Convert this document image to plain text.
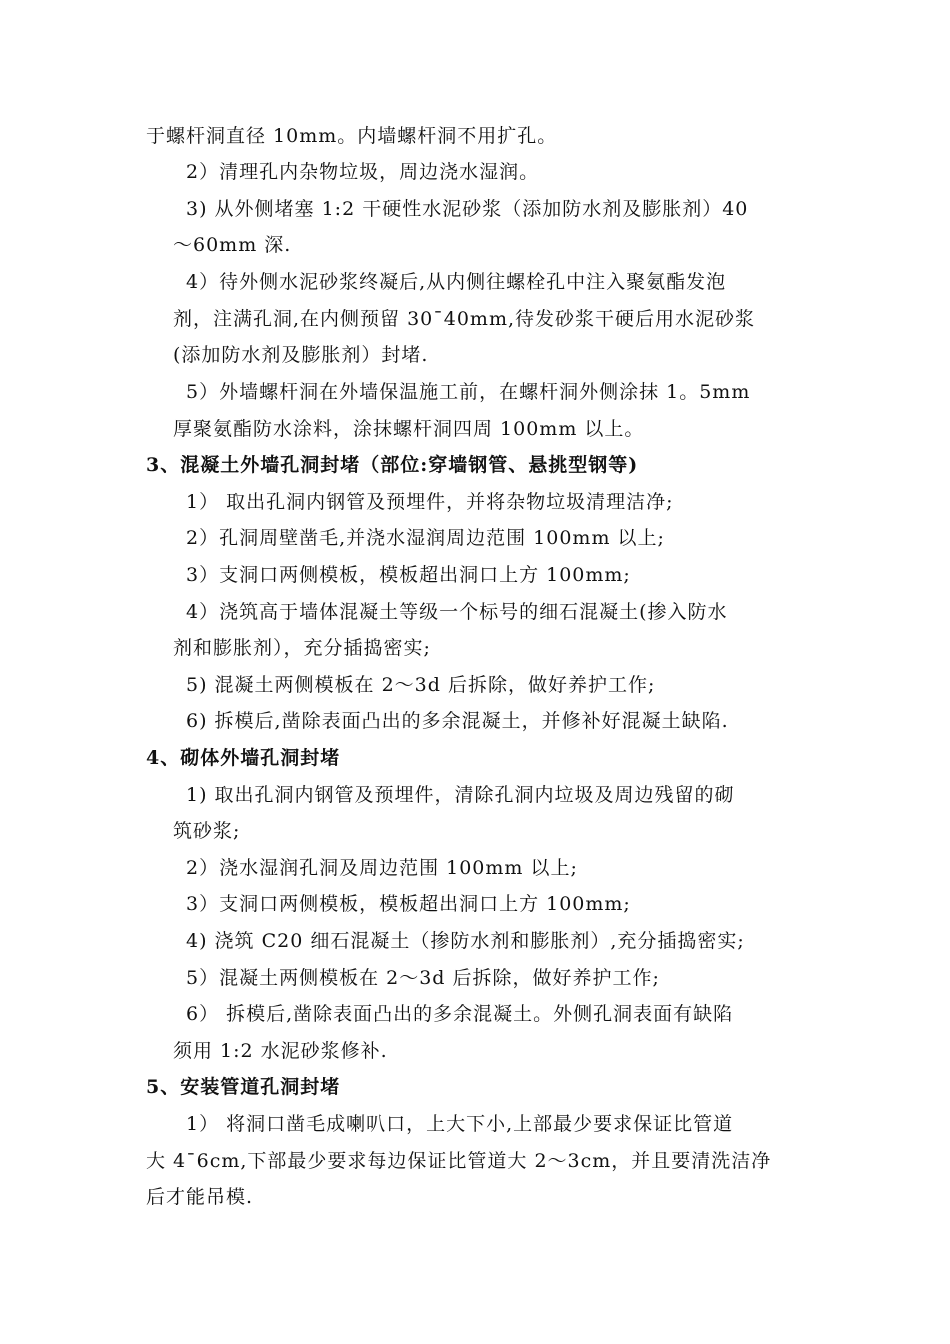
于螺杆洞直径 10mm。内墙螺杆洞不用扩孔。
2）清理孔内杂物垃圾，周边浇水湿润。
3) 从外侧堵塞 1:2 干硬性水泥砂浆（添加防水剂及膨胀剂）40
～60mm 深.
4）待外侧水泥砂浆终凝后,从内侧往螺栓孔中注入聚氨酯发泡
剂，注满孔洞,在内侧预留 30¯40mm,待发砂浆干硬后用水泥砂浆
(添加防水剂及膨胀剂）封堵.
5）外墙螺杆洞在外墙保温施工前，在螺杆洞外侧涂抹 1。5mm
厚聚氨酯防水涂料，涂抹螺杆洞四周 100mm 以上。
3、混凝土外墙孔洞封堵（部位:穿墙钢管、悬挑型钢等)
1） 取出孔洞内钢管及预埋件，并将杂物垃圾清理洁净;
2）孔洞周壁凿毛,并浇水湿润周边范围 100mm 以上;
3）支洞口两侧模板，模板超出洞口上方 100mm;
4）浇筑高于墙体混凝土等级一个标号的细石混凝土(掺入防水
剂和膨胀剂），充分插捣密实;
5) 混凝土两侧模板在 2～3d 后拆除，做好养护工作;
6) 拆模后,凿除表面凸出的多余混凝土，并修补好混凝土缺陷.
4、砌体外墙孔洞封堵
1) 取出孔洞内钢管及预埋件，清除孔洞内垃圾及周边残留的砌
筑砂浆;
2）浇水湿润孔洞及周边范围 100mm 以上;
3）支洞口两侧模板，模板超出洞口上方 100mm;
4) 浇筑 C20 细石混凝土（掺防水剂和膨胀剂）,充分插捣密实;
5）混凝土两侧模板在 2～3d 后拆除，做好养护工作;
6） 拆模后,凿除表面凸出的多余混凝土。外侧孔洞表面有缺陷
须用 1:2 水泥砂浆修补.
5、安装管道孔洞封堵
1） 将洞口凿毛成喇叭口，上大下小,上部最少要求保证比管道
大 4¯6cm,下部最少要求每边保证比管道大 2～3cm，并且要清洗洁净
后才能吊模.
